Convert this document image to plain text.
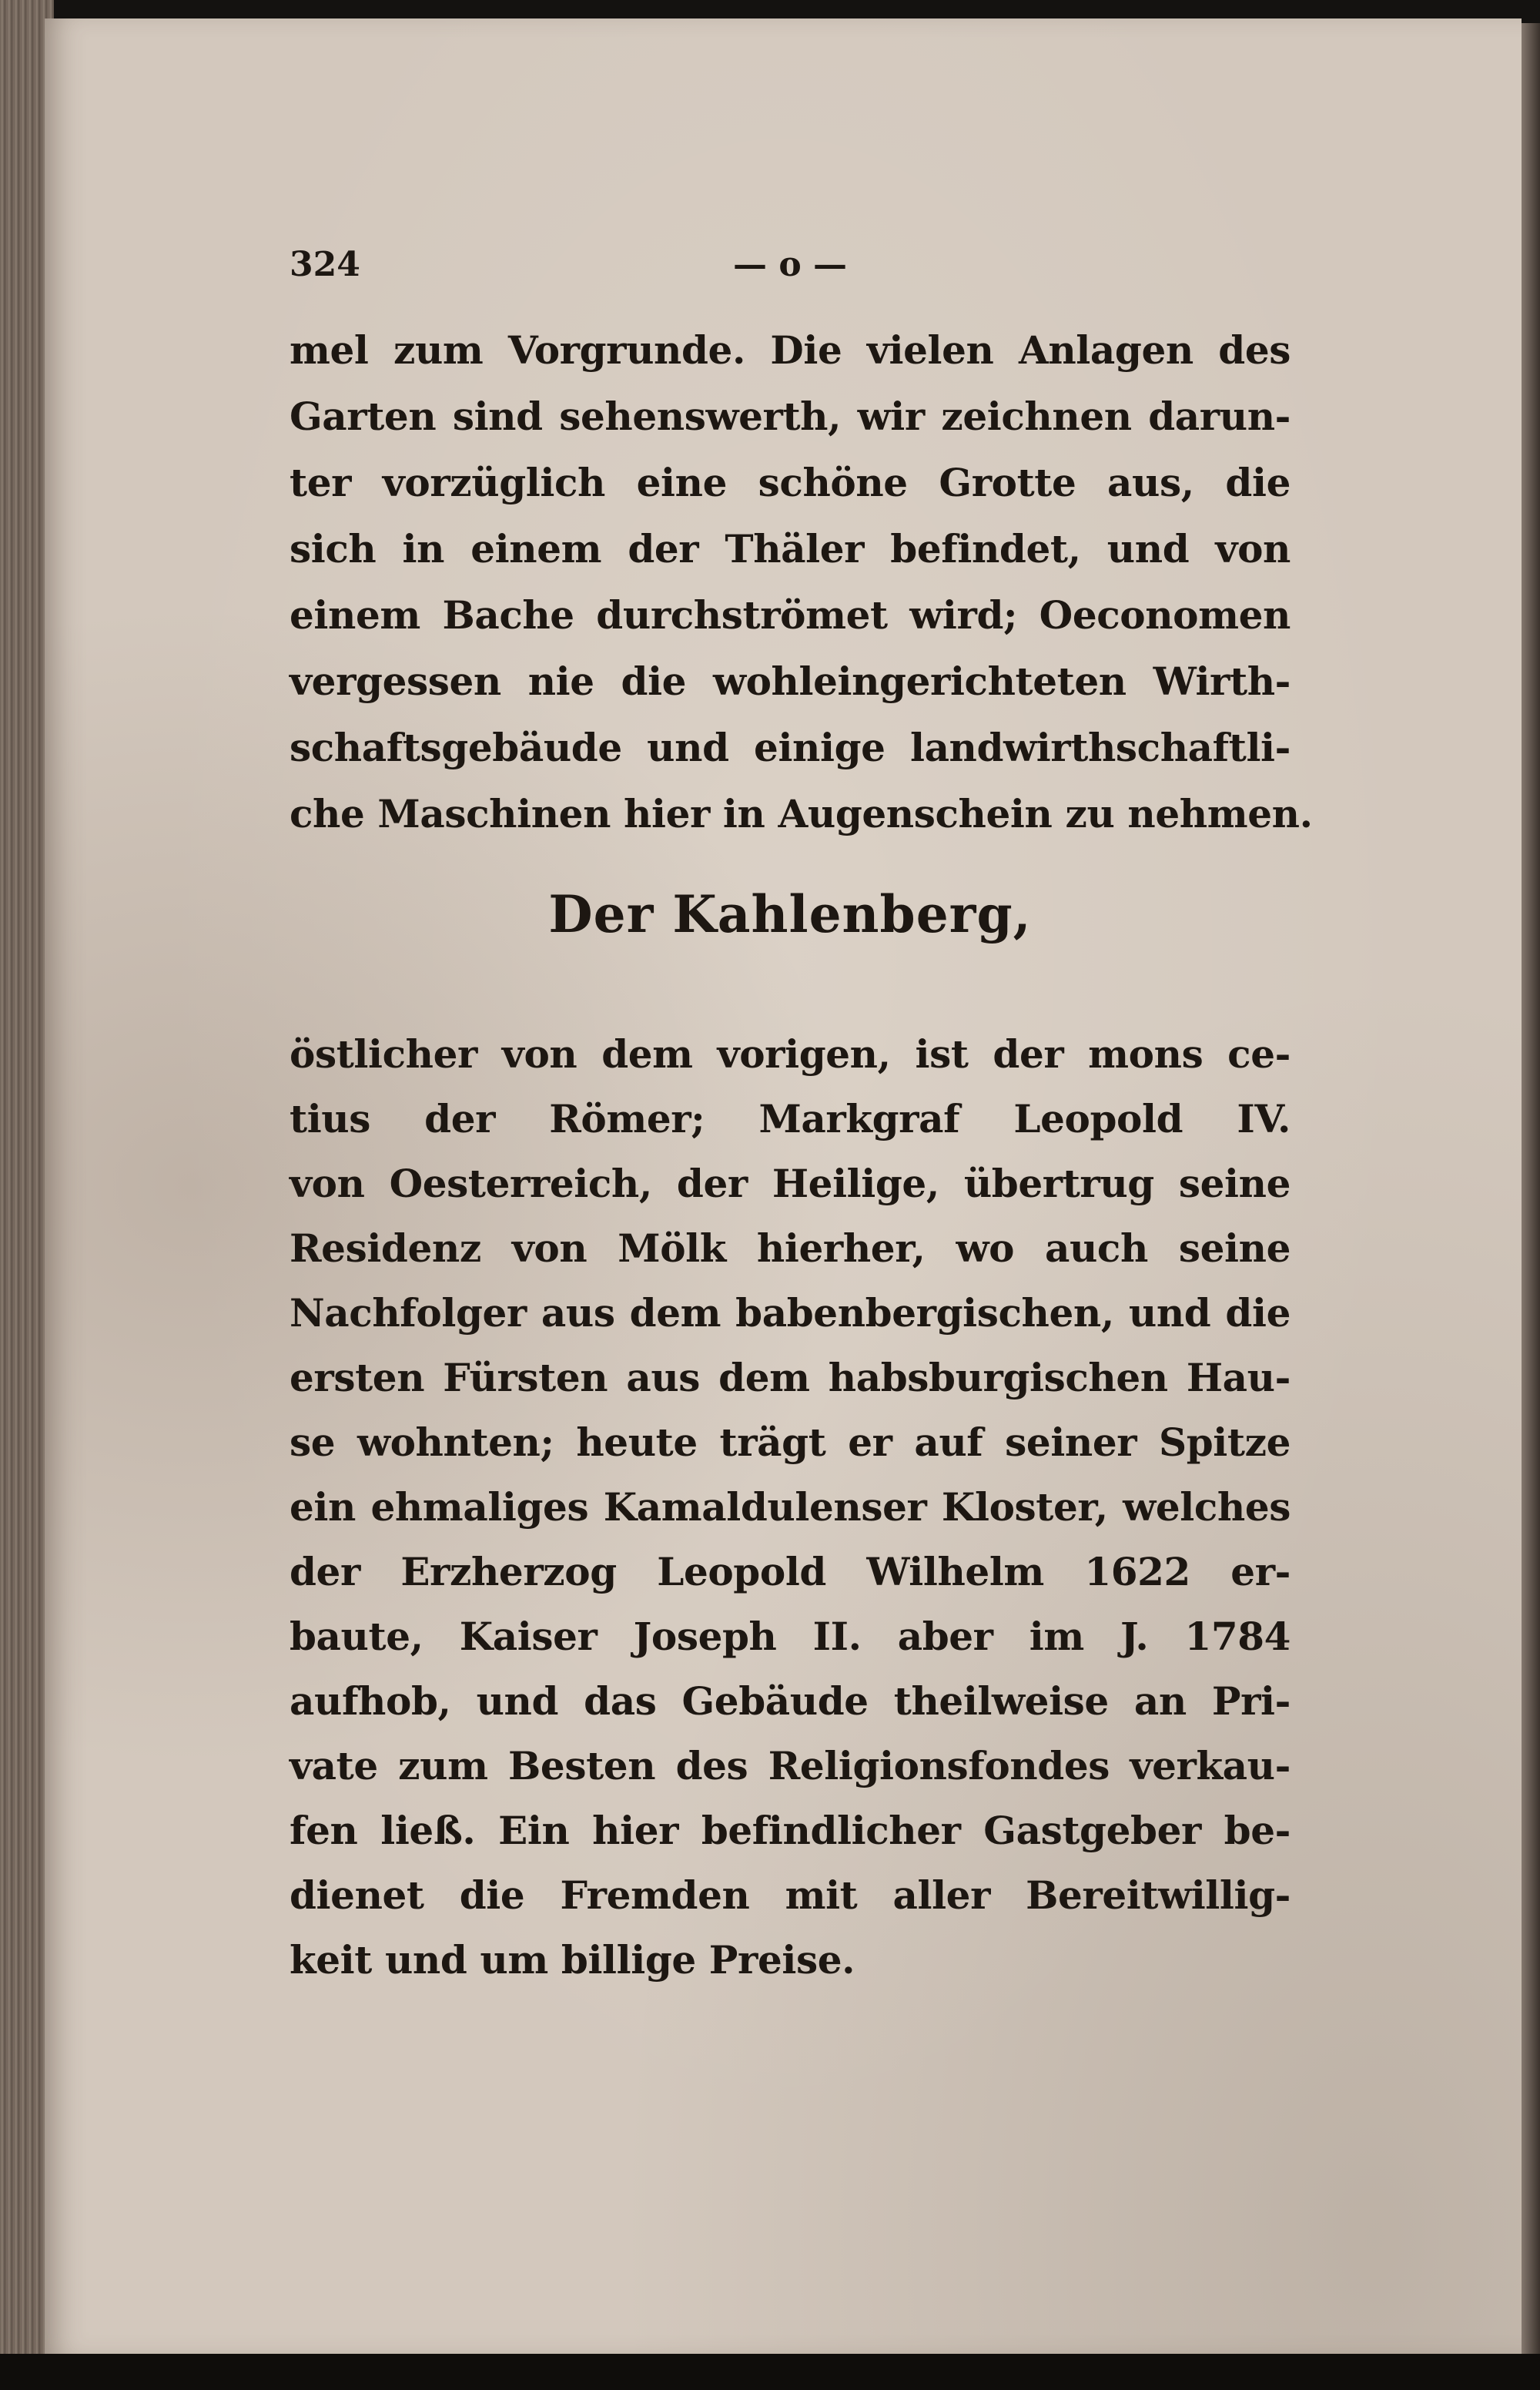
324	— o —
mel zum Vorgrunde. Die vielen Anlagen des
Garten sind sehenswerth, wir zeichnen darun-
ter vorzüglich eine schöne Grotte aus, die
sich in einem der Thäler befindet, und von
einem Bache durchströmet wird; Oeconomen
vergessen nie die wohleingerichteten Wirth-
schaftsgebäude und einige landwirthschaftli-
che Maschinen hier in Augenschein zu nehmen.
Der Kahlenberg,
östlicher von dem vorigen, ist der mons ce-
tius der Römer; Markgraf Leopold IV.
von Oesterreich, der Heilige, übertrug seine
Residenz von Mölk hierher, wo auch seine
Nachfolger aus dem babenbergischen, und die
ersten Fürsten aus dem habsburgischen Hau-
se wohnten; heute trägt er auf seiner Spitze
ein ehmaliges Kamaldulenser Kloster, welches
der Erzherzog Leopold Wilhelm 1622 er-
baute, Kaiser Joseph II. aber im J. 1784
aufhob, und das Gebäude theilweise an Pri-
vate zum Besten des Religionsfondes verkau-
fen ließ. Ein hier befindlicher Gastgeber be-
dienet die Fremden mit aller Bereitwillig-
keit und um billige Preise.
